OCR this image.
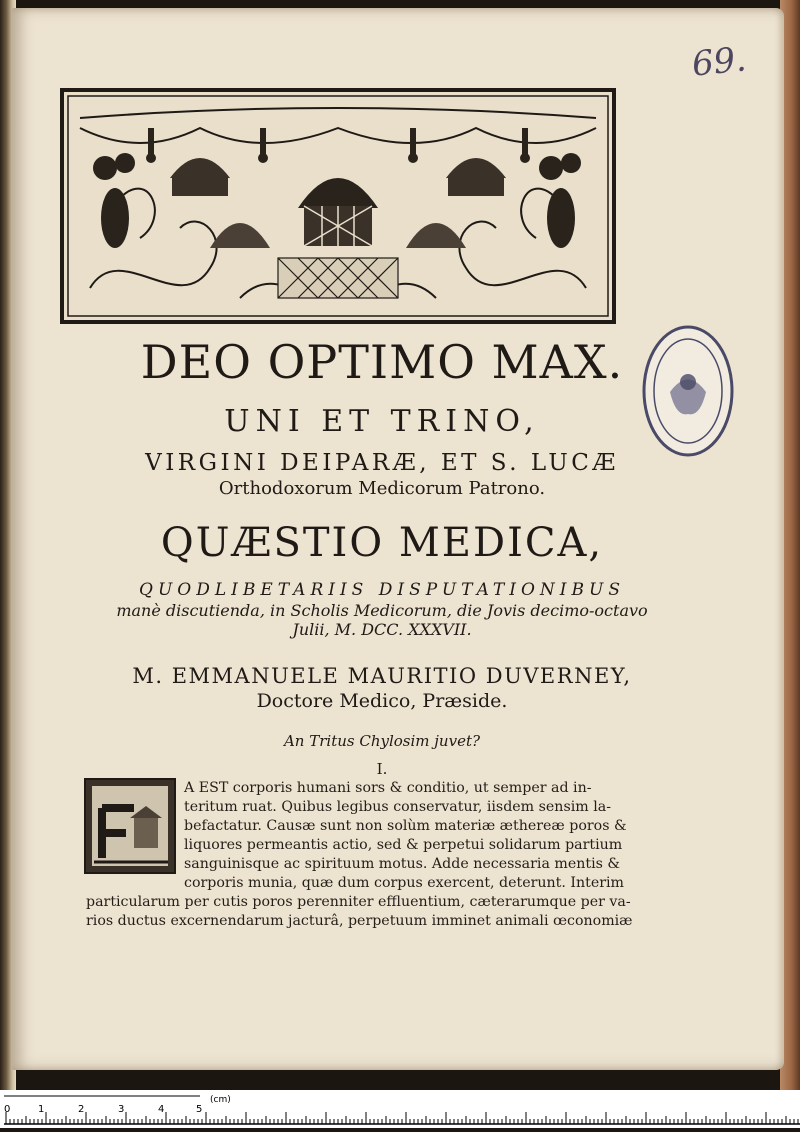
69.
DEO OPTIMO MAX.
UNI ET TRINO,
VIRGINI DEIPARÆ, ET S. LUCÆ
Orthodoxorum Medicorum Patrono.
QUÆSTIO MEDICA,
QUODLIBETARIIS DISPUTATIONIBUS
manè discutienda, in Scholis Medicorum, die Jovis decimo-octavo
Julii, M. DCC. XXXVII.
M. EMMANUELE MAURITIO DUVERNEY,
Doctore Medico, Præside.
An Tritus Chylosim juvet?
I.
A EST corporis humani sors & conditio, ut semper ad in-
teritum ruat. Quibus legibus conservatur, iisdem sensim la-
befactatur. Causæ sunt non solùm materiæ æthereæ poros &
liquores permeantis actio, sed & perpetui solidarum partium
sanguinisque ac spirituum motus. Adde necessaria mentis &
corporis munia, quæ dum corpus exercent, deterunt. Interim
particularum per cutis poros perenniter effluentium, cæterarumque per va-
rios ductus excernendarum jacturâ, perpetuum imminet animali œconomiæ
0	1	2	3	4	5
(cm)
